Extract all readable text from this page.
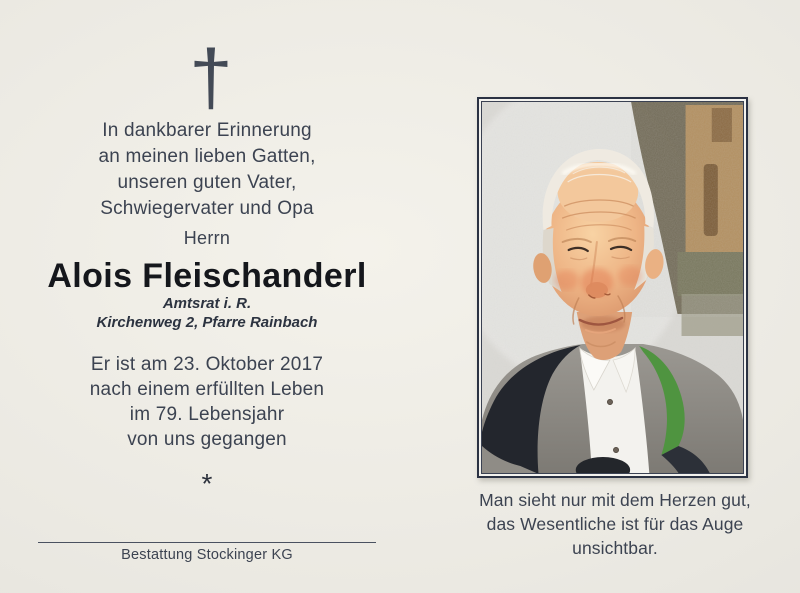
†
In dankbarer Erinnerung
an meinen lieben Gatten,
unseren guten Vater,
Schwiegervater und Opa
Herrn
Alois Fleischanderl
Amtsrat i. R.
Kirchenweg 2, Pfarre Rainbach
Er ist am 23. Oktober 2017
nach einem erfüllten Leben
im 79. Lebensjahr
von uns gegangen
*
Bestattung Stockinger KG
Man sieht nur mit dem Herzen gut,
das Wesentliche ist für das Auge unsichtbar.
